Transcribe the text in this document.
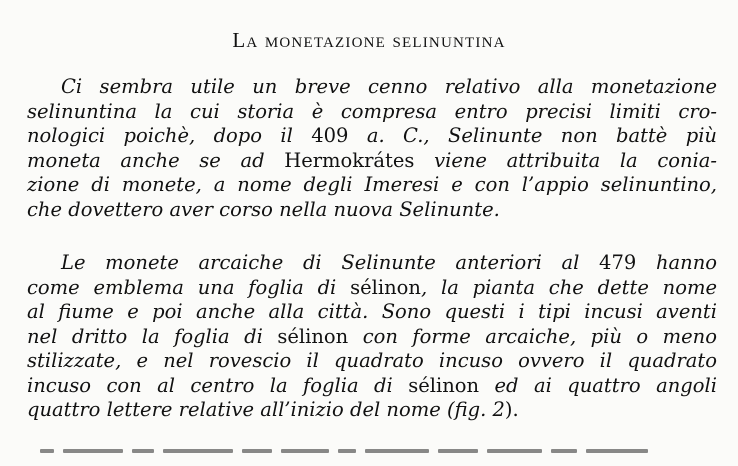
La monetazione selinuntina
Ci sembra utile un breve cenno relativo alla monetazione
selinuntina la cui storia è compresa entro precisi limiti cro-
nologici poichè, dopo il 409 a. C., Selinunte non battè più
moneta anche se ad Hermokrátes viene attribuita la conia-
zione di monete, a nome degli Imeresi e con l’appio selinuntino,
che dovettero aver corso nella nuova Selinunte.
Le monete arcaiche di Selinunte anteriori al 479 hanno
come emblema una foglia di sélinon, la pianta che dette nome
al fiume e poi anche alla città. Sono questi i tipi incusi aventi
nel dritto la foglia di sélinon con forme arcaiche, più o meno
stilizzate, e nel rovescio il quadrato incuso ovvero il quadrato
incuso con al centro la foglia di sélinon ed ai quattro angoli
quattro lettere relative all’inizio del nome (fig. 2).
